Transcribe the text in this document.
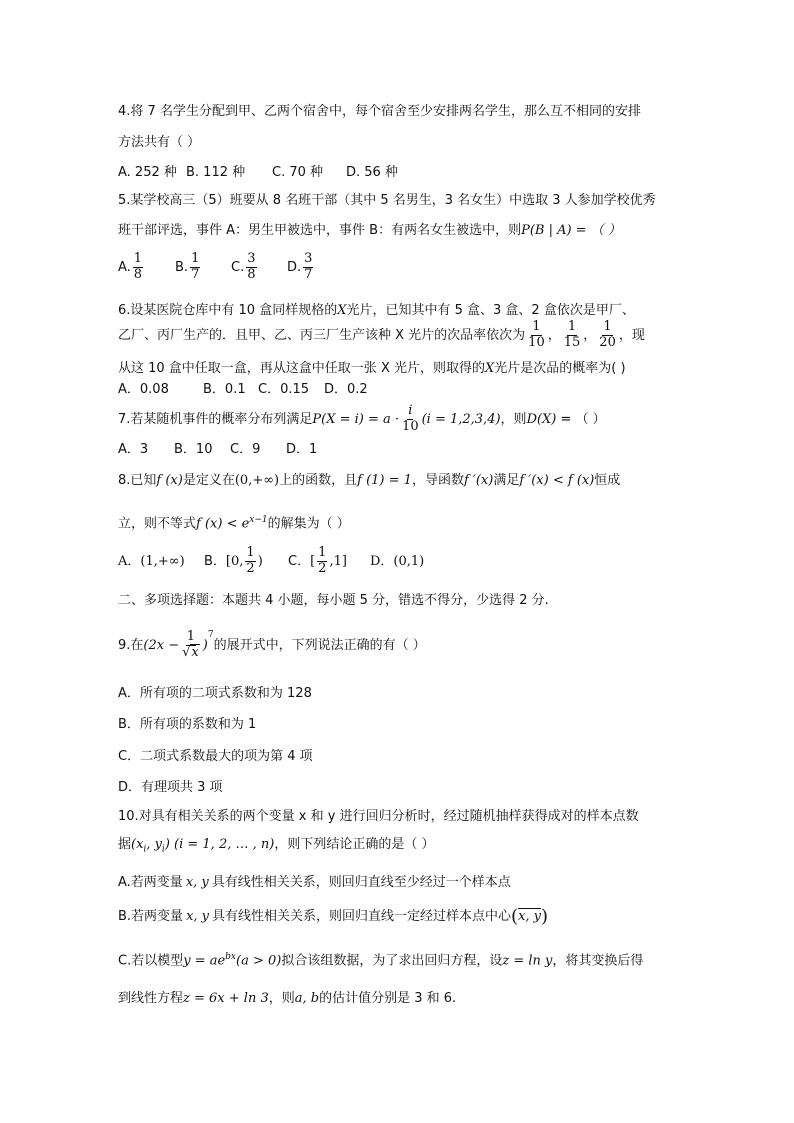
4.将 7 名学生分配到甲、乙两个宿舍中，每个宿舍至少安排两名学生，那么互不相同的安排
方法共有（ ）
A. 252 种 B. 112 种 C. 70 种 D. 56 种
5.某学校高三（5）班要从 8 名班干部（其中 5 名男生，3 名女生）中选取 3 人参加学校优秀
班干部评选，事件 A：男生甲被选中，事件 B：有两名女生被选中，则P(B | A) = （ ）
A. $\frac{1}{8} B$. $\frac{1}{7} C$. $\frac{3}{8} D$. $\frac{3}{7}$
6.设某医院仓库中有 10 盒同样规格的X光片，已知其中有 5 盒、3 盒、2 盒依次是甲厂、
乙厂、丙厂生产的．且甲、乙、丙三厂生产该种 X 光片的次品率依次为 $\frac{1}{10}$ ， $\frac{1}{15}$ ， $\frac{1}{20}$ ，现
从这 10 盒中任取一盒，再从这盒中任取一张 X 光片，则取得的X光片是次品的概率为( )
A．0.08	B．0.1 C．0.15 D．0.2
7.若某随机事件的概率分布列满足$P(X = i) = a \cdot \frac{i}{10} (i = 1,2,3,4)$，则D(X) = （ ）
A．3 B．10 C．9 D．1
8.已知f (x)是定义在(0,+∞)上的函数，且f (1) = 1，导函数f ′(x)满足f ′(x) < f (x)恒成
立，则不等式f $(x) < e^{x-1}$的解集为（ ）
A．(1,+∞) B．[0, $\frac{1}{2}$ ) C．[ $\frac{1}{2} ,1$] D．(0,1)
二、多项选择题：本题共 4 小题，每小题 5 分，错选不得分，少选得 2 分.
9.在$(2x - \frac{1}{√x} )^7$的展开式中，下列说法正确的有（ ）
A．所有项的二项式系数和为 128
B．所有项的系数和为 1
C．二项式系数最大的项为第 4 项
D．有理项共 3 项
10.对具有相关关系的两个变量 x 和 y 进行回归分析时，经过随机抽样获得成对的样本点数
据($x_i$, $y_i$) (i = 1, 2, … , n)，则下列结论正确的是（ ）
A.若两变量 x, y 具有线性相关关系，则回归直线至少经过一个样本点
B.若两变量 x, y 具有线性相关关系，则回归直线一定经过样本点中心(x, y)
C.若以模型$y = ae^{bx}(a > 0)$拟合该组数据，为了求出回归方程，设z = ln y，将其变换后得
到线性方程z = 6x + ln 3，则a, b的估计值分别是 3 和 6.
